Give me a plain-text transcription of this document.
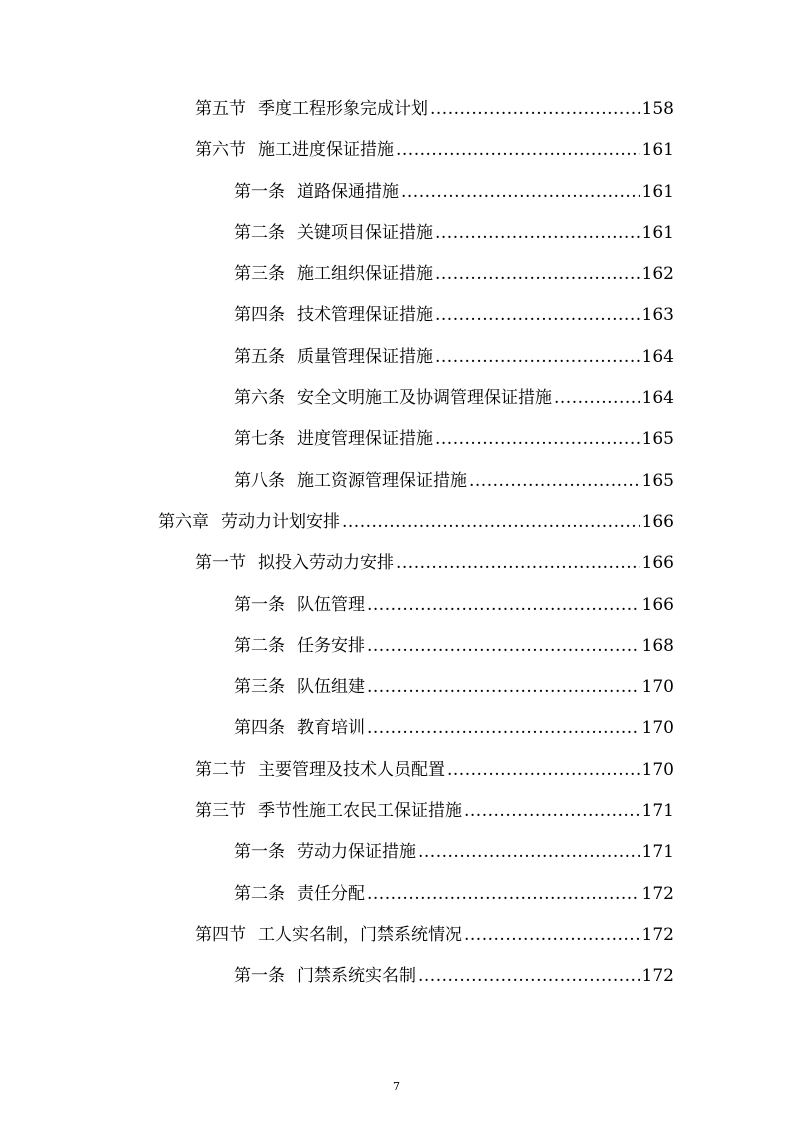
第五节 季度工程形象完成计划 .....	158
第六节 施工进度保证措施 .....	161
第一条 道路保通措施 .....	161
第二条 关键项目保证措施 .....	161
第三条 施工组织保证措施 .....	162
第四条 技术管理保证措施 .....	163
第五条 质量管理保证措施 .....	164
第六条 安全文明施工及协调管理保证措施 .....	164
第七条 进度管理保证措施 .....	165
第八条 施工资源管理保证措施 .....	165
第六章 劳动力计划安排 .....	166
第一节 拟投入劳动力安排 .....	166
第一条 队伍管理 .....	166
第二条 任务安排 .....	168
第三条 队伍组建 .....	170
第四条 教育培训 .....	170
第二节 主要管理及技术人员配置 .....	170
第三节 季节性施工农民工保证措施 .....	171
第一条 劳动力保证措施 .....	171
第二条 责任分配 .....	172
第四节 工人实名制，门禁系统情况 .....	172
第一条 门禁系统实名制 .....	172
7
